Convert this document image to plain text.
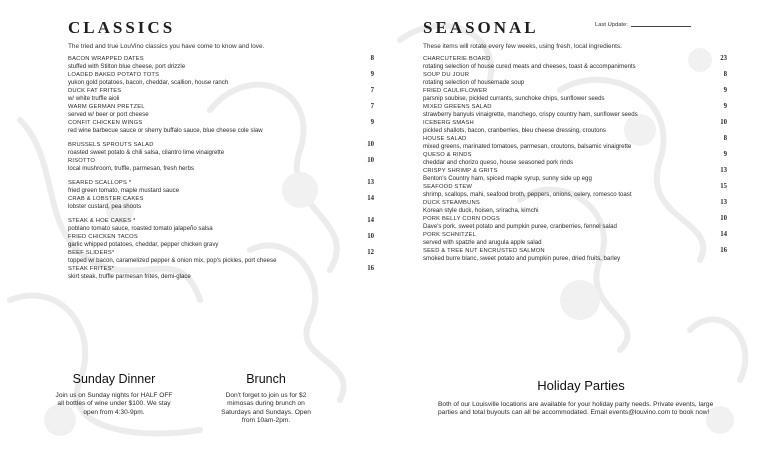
CLASSICS
The tried and true LouVino classics you have come to know and love.
BACON WRAPPED DATES
stuffed with Stilton blue cheese, port drizzle
8
LOADED BAKED POTATO TOTS
yukon gold potatoes, bacon, cheddar, scallion, house ranch
9
DUCK FAT FRITES
w/ white truffle aioli
7
WARM GERMAN PRETZEL
served w/ beer or port cheese
7
CONFIT CHICKEN WINGS
red wine barbecue sauce or sherry buffalo sauce, blue cheese cole slaw
9
BRUSSELS SPROUTS SALAD
roasted sweet potato & chili salsa, cilantro lime vinaigrette
10
RISOTTO
local mushroom, truffle, parmesan, fresh herbs
10
SEARED SCALLOPS *
fried green tomato, maple mustard sauce
13
CRAB & LOBSTER CAKES
lobster custard, pea shoots
14
STEAK & HOE CAKES *
poblano tomato sauce, roasted tomato jalapeño salsa
14
FRIED CHICKEN TACOS
garlic whipped potatoes, cheddar, pepper chicken gravy
10
BEEF SLIDERS*
topped w/ bacon, caramelized pepper & onion mix, pop's pickles, port cheese
12
STEAK FRITES*
skirt steak, truffle parmesan frites, demi-glace
16
SEASONAL	Last Update:
These items will rotate every few weeks, using fresh, local ingredients.
CHARCUTERIE BOARD
rotating selection of house cured meats and cheeses, toast & accompaniments
23
SOUP DU JOUR
rotating selection of housemade soup
8
FRIED CAULIFLOWER
parsnip soubise, pickled currants, sunchoke chips, sunflower seeds
9
MIXED GREENS SALAD
strawberry banyuls vinaigrette, manchego, crispy country ham, sunflower seeds
9
ICEBERG SMASH
pickled shallots, bacon, cranberries, bleu cheese dressing, croutons
10
HOUSE SALAD
mixed greens, marinated tomatoes, parmesan, croutons, balsamic vinaigrette
8
QUESO & RINDS
cheddar and chorizo queso, house seasoned pork rinds
9
CRISPY SHRIMP & GRITS
Benton's Country ham, spiced maple syrup, sunny side up egg
13
SEAFOOD STEW
shrimp, scallops, mahi, seafood broth, peppers, onions, celery, romesco toast
15
DUCK STEAMBUNS
Korean style duck, hoisen, sriracha, kimchi
13
PORK BELLY CORN DOGS
Dave's pork, sweet potato and pumpkin puree, cranberries, fennel salad
10
PORK SCHNITZEL
served with spatzle and arugula apple salad
14
SEED & TREE NUT ENCRUSTED SALMON
smoked burre blanc, sweet potato and pumpkin puree, dried fruits, barley
16
Sunday Dinner

Join us on Sunday nights for HALF OFF all bottles of wine under $100. We stay open from 4:30-9pm.

Brunch

Don't forget to join us for $2 mimosas during brunch on Saturdays and Sundays. Open from 10am-2pm.

Holiday Parties

Both of our Louisville locations are available for your holiday party needs. Private events, large parties and total buyouts can all be accommodated. Email events@louvino.com to book now!
